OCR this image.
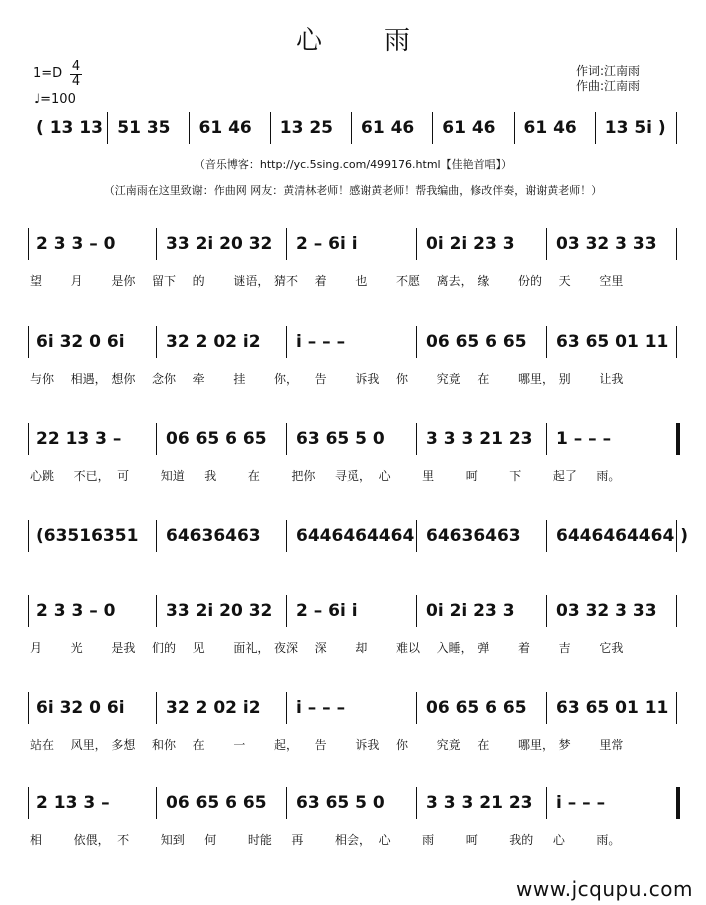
心雨
1=D 4
4
♩=100
作词:江南雨
作曲:江南雨
（音乐博客：http://yc.5sing.com/499176.html【佳艳首唱】）
（江南雨在这里致谢：作曲网 网友：黄清林老师！感谢黄老师！帮我编曲，修改伴奏，谢谢黄老师！）
( 13 13 51 35 61 46 13 25 61 46 61 46 61 46 13 5i )
2 3 3 – 0	33 2i 20 32 2 – 6i i	0i 2i 23 3 03 32 3 33
望 月 是你 留下 的 谜语， 猜不 着 也 不愿 离去， 缘 份的 天 空里
6i 32 0 6i 32 2 02 i2 i – – –	06 65 6 65 63 65 01 11
与你 相遇， 想你 念你 牵 挂 你， 告 诉我 你 究竟 在 哪里， 别 让我
22 13 3 –	06 65 6 65 63 65 5 0 3 3 3 21 23 1 – – –
心跳 不已， 可	知道 我	在	把你 寻觅， 心	里	呵	下	起了 雨。
(63516351 64636463 6446464464 64636463 6446464464 )
2 3 3 – 0	33 2i 20 32 2 – 6i i	0i 2i 23 3 03 32 3 33
月 光 是我 们的 见 面礼， 夜深 深 却 难以 入睡， 弹 着 吉 它我
6i 32 0 6i 32 2 02 i2 i – – –	06 65 6 65 63 65 01 11
站在 风里， 多想 和你 在 一 起， 告 诉我 你 究竟 在 哪里， 梦 里常
2 13 3 –	06 65 6 65 63 65 5 0 3 3 3 21 23 i – – –
相	依偎， 不	知到 何	时能 再	相会， 心	雨	呵	我的 心	雨。
www.jcqupu.com
